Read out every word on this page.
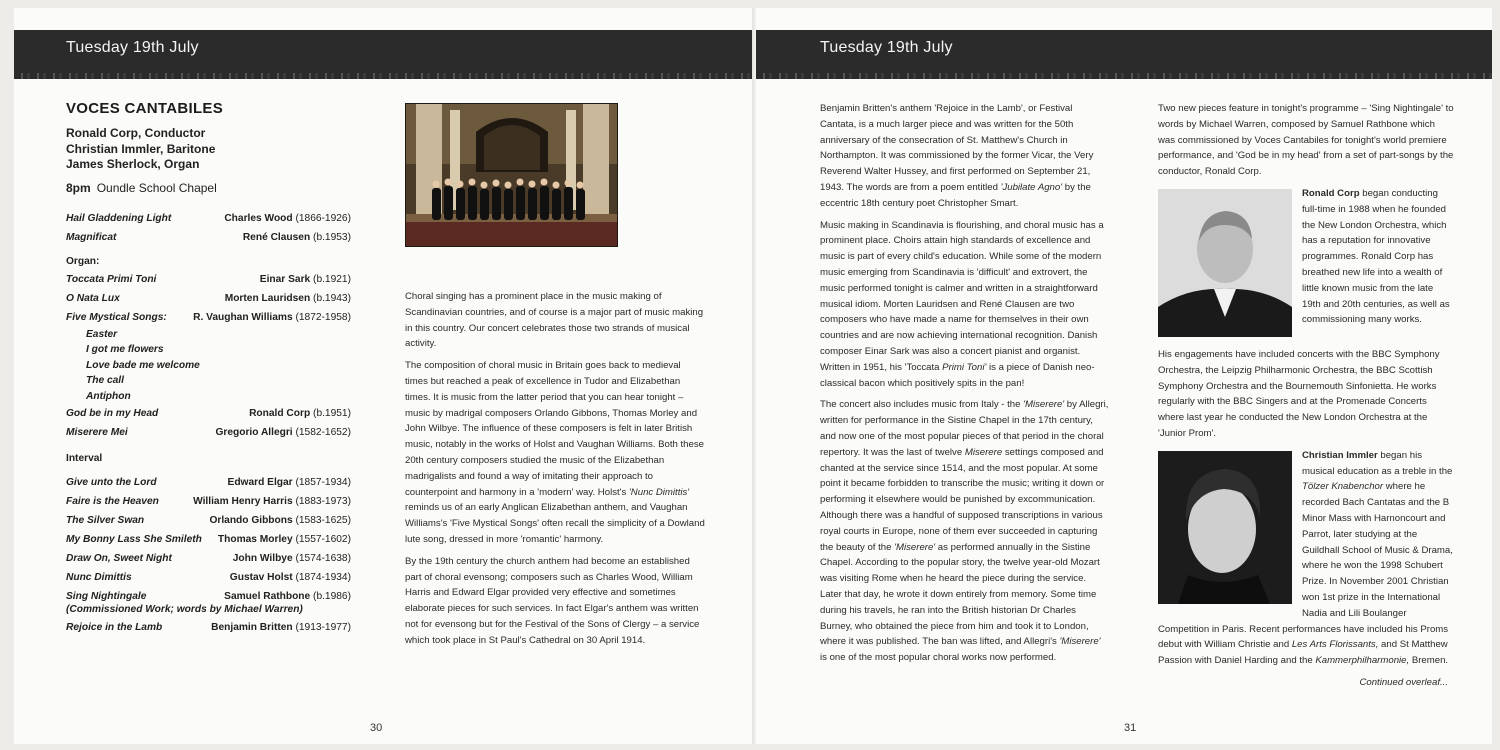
Tuesday 19th July
VOCES CANTABILES
Ronald Corp, Conductor
Christian Immler, Baritone
James Sherlock, Organ
8pm Oundle School Chapel
Hail Gladdening Light	Charles Wood (1866-1926)
Magnificat	René Clausen (b.1953)
Organ:
Toccata Primi Toni	Einar Sark (b.1921)
O Nata Lux	Morten Lauridsen (b.1943)
Five Mystical Songs:	R. Vaughan Williams (1872-1958)
Easter
I got me flowers
Love bade me welcome
The call
Antiphon
God be in my Head	Ronald Corp (b.1951)
Miserere Mei	Gregorio Allegri (1582-1652)
Interval
Give unto the Lord	Edward Elgar (1857-1934)
Faire is the Heaven	William Henry Harris (1883-1973)
The Silver Swan	Orlando Gibbons (1583-1625)
My Bonny Lass She Smileth Thomas Morley (1557-1602)
Draw On, Sweet Night	John Wilbye (1574-1638)
Nunc Dimittis	Gustav Holst (1874-1934)
Sing Nightingale	Samuel Rathbone (b.1986)
(Commissioned Work; words by Michael Warren)
Rejoice in the Lamb	Benjamin Britten (1913-1977)

Choral singing has a prominent place in the music making of Scandinavian countries, and of course is a major part of music making in this country. Our concert celebrates those two strands of musical activity.

The composition of choral music in Britain goes back to medieval times but reached a peak of excellence in Tudor and Elizabethan times. It is music from the latter period that you can hear tonight – music by madrigal composers Orlando Gibbons, Thomas Morley and John Wilbye. The influence of these composers is felt in later British music, notably in the works of Holst and Vaughan Williams. Both these 20th century composers studied the music of the Elizabethan madrigalists and found a way of imitating their approach to counterpoint and harmony in a 'modern' way. Holst's 'Nunc Dimittis' reminds us of an early Anglican Elizabethan anthem, and Vaughan Williams's 'Five Mystical Songs' often recall the simplicity of a Dowland lute song, dressed in more 'romantic' harmony.

By the 19th century the church anthem had become an established part of choral evensong; composers such as Charles Wood, William Harris and Edward Elgar provided very effective and sometimes elaborate pieces for such services. In fact Elgar's anthem was written not for evensong but for the Festival of the Sons of Clergy – a service which took place in St Paul's Cathedral on 30 April 1914.

30
Tuesday 19th July

Benjamin Britten's anthem 'Rejoice in the Lamb', or Festival Cantata, is a much larger piece and was written for the 50th anniversary of the consecration of St. Matthew's Church in Northampton. It was commissioned by the former Vicar, the Very Reverend Walter Hussey, and first performed on September 21, 1943. The words are from a poem entitled 'Jubilate Agno' by the eccentric 18th century poet Christopher Smart.

Music making in Scandinavia is flourishing, and choral music has a prominent place. Choirs attain high standards of excellence and music is part of every child's education. While some of the modern music emerging from Scandinavia is 'difficult' and extrovert, the music performed tonight is calmer and written in a straightforward musical idiom. Morten Lauridsen and René Clausen are two composers who have made a name for themselves in their own countries and are now achieving international recognition. Danish composer Einar Sark was also a concert pianist and organist. Written in 1951, his 'Toccata Primi Toni' is a piece of Danish neo-classical bacon which positively spits in the pan!

The concert also includes music from Italy - the 'Miserere' by Allegri, written for performance in the Sistine Chapel in the 17th century, and now one of the most popular pieces of that period in the choral repertory. It was the last of twelve Miserere settings composed and chanted at the service since 1514, and the most popular. At some point it became forbidden to transcribe the music; writing it down or performing it elsewhere would be punished by excommunication. Although there was a handful of supposed transcriptions in various royal courts in Europe, none of them ever succeeded in capturing the beauty of the 'Miserere' as performed annually in the Sistine Chapel. According to the popular story, the twelve year-old Mozart was visiting Rome when he heard the piece during the service. Later that day, he wrote it down entirely from memory. Some time during his travels, he ran into the British historian Dr Charles Burney, who obtained the piece from him and took it to London, where it was published. The ban was lifted, and Allegri's 'Miserere' is one of the most popular choral works now performed.

Two new pieces feature in tonight's programme – 'Sing Nightingale' to words by Michael Warren, composed by Samuel Rathbone which was commissioned by Voces Cantabiles for tonight's world premiere performance, and 'God be in my head' from a set of part-songs by the conductor, Ronald Corp.

Ronald Corp began conducting full-time in 1988 when he founded the New London Orchestra, which has a reputation for innovative programmes. Ronald Corp has breathed new life into a wealth of little known music from the late 19th and 20th centuries, as well as commissioning many works.

His engagements have included concerts with the BBC Symphony Orchestra, the Leipzig Philharmonic Orchestra, the BBC Scottish Symphony Orchestra and the Bournemouth Sinfonietta. He works regularly with the BBC Singers and at the Promenade Concerts where last year he conducted the New London Orchestra at the 'Junior Prom'.

Christian Immler began his musical education as a treble in the Tölzer Knabenchor where he recorded Bach Cantatas and the B Minor Mass with Harnoncourt and Parrot, later studying at the Guildhall School of Music & Drama, where he won the 1998 Schubert Prize. In November 2001 Christian won 1st prize in the International Nadia and Lili Boulanger Competition in Paris. Recent performances have included his Proms debut with William Christie and Les Arts Florissants, and St Matthew Passion with Daniel Harding and the Kammerphilharmonie, Bremen.
Continued overleaf...
31
